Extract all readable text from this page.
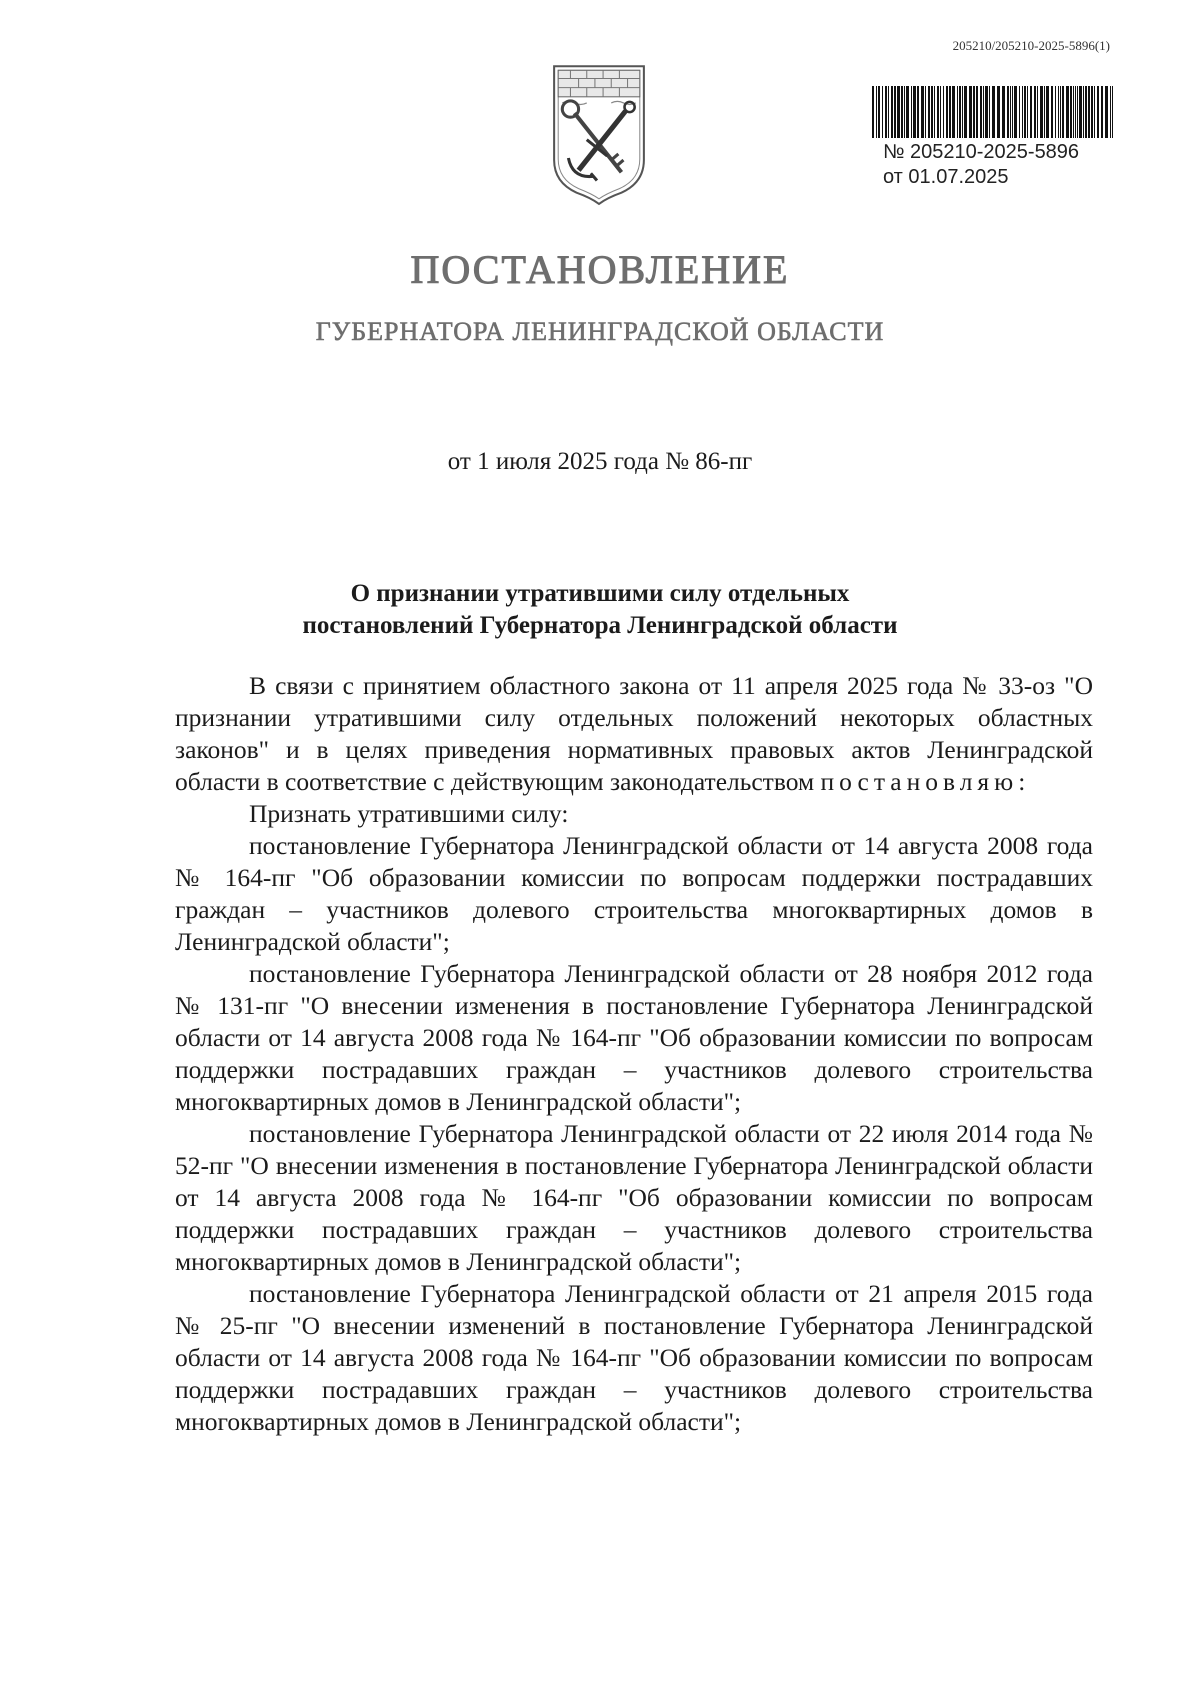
205210/205210-2025-5896(1)
№ 205210-2025-5896
от 01.07.2025
ПОСТАНОВЛЕНИЕ
ГУБЕРНАТОРА ЛЕНИНГРАДСКОЙ ОБЛАСТИ
от 1 июля 2025 года № 86-пг
О признании утратившими силу отдельных
постановлений Губернатора Ленинградской области

В связи с принятием областного закона от 11 апреля 2025 года № 33-оз "О признании утратившими силу отдельных положений некоторых областных законов" и в целях приведения нормативных правовых актов Ленинградской области в соответствие с действующим законодательством постановляю:

Признать утратившими силу:

постановление Губернатора Ленинградской области от 14 августа 2008 года № 164-пг "Об образовании комиссии по вопросам поддержки пострадавших граждан – участников долевого строительства многоквартирных домов в Ленинградской области";

постановление Губернатора Ленинградской области от 28 ноября 2012 года № 131-пг "О внесении изменения в постановление Губернатора Ленинградской области от 14 августа 2008 года № 164-пг "Об образовании комиссии по вопросам поддержки пострадавших граждан – участников долевого строительства многоквартирных домов в Ленинградской области";

постановление Губернатора Ленинградской области от 22 июля 2014 года № 52-пг "О внесении изменения в постановление Губернатора Ленинградской области от 14 августа 2008 года № 164-пг "Об образовании комиссии по вопросам поддержки пострадавших граждан – участников долевого строительства многоквартирных домов в Ленинградской области";

постановление Губернатора Ленинградской области от 21 апреля 2015 года № 25-пг "О внесении изменений в постановление Губернатора Ленинградской области от 14 августа 2008 года № 164-пг "Об образовании комиссии по вопросам поддержки пострадавших граждан – участников долевого строительства многоквартирных домов в Ленинградской области";
